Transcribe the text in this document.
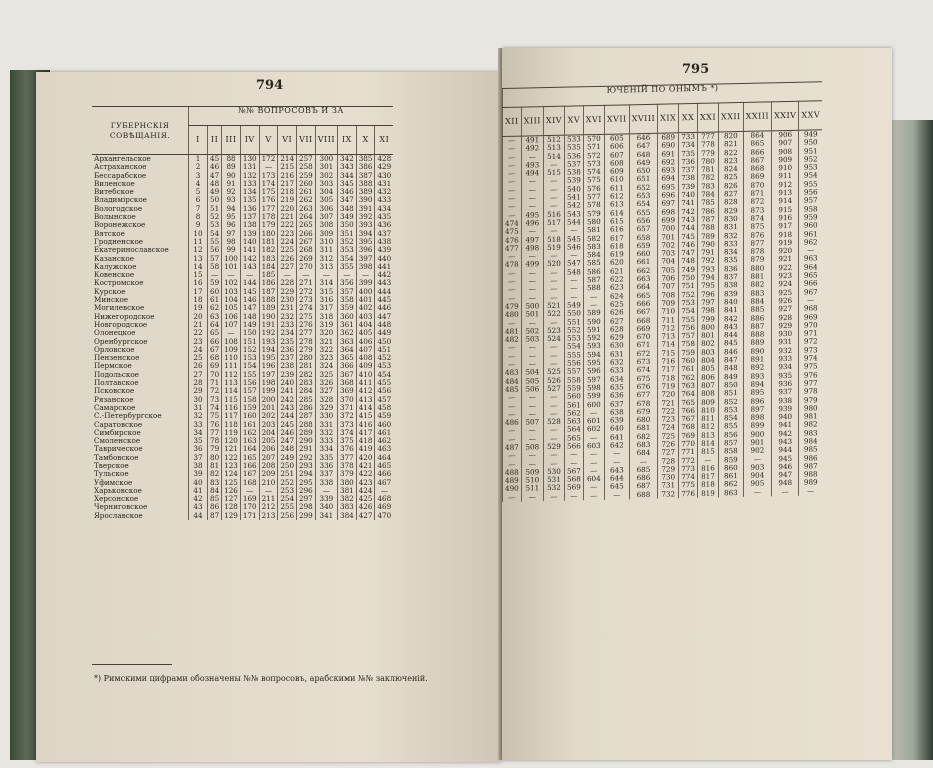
794
ГУБЕРНСКІЯ СОВѢЩАНІЯ.	№№ ВОПРОСОВЪ И ЗА										
	I	II	III	IV	V	VI	VII	VIII	IX	X	XI
Архангельское	1	45	88	130	172	214	257	300	342	385	428
Астраханское	2	46	89	131	—	215	258	301	343	386	429
Бессарабское	3	47	90	132	173	216	259	302	344	387	430
Виленское	4	48	91	133	174	217	260	303	345	388	431
Витебское	5	49	92	134	175	218	261	304	346	389	432
Владимірское	6	50	93	135	176	219	262	305	347	390	433
Вологодское	7	51	94	136	177	220	263	306	348	391	434
Волынское	8	52	95	137	178	221	264	307	349	392	435
Воронежское	9	53	96	138	179	222	265	308	350	393	436
Вятское	10	54	97	139	180	223	266	309	351	394	437
Гродненское	11	55	98	140	181	224	267	310	352	395	438
Екатеринославское	12	56	99	141	182	225	268	311	353	396	439
Казанское	13	57	100	142	183	226	269	312	354	397	440
Калужское	14	58	101	143	184	227	270	313	355	398	441
Ковенское	15	—	—	—	185	—	—	—	—	—	442
Костромское	16	59	102	144	186	228	271	314	356	399	443
Курское	17	60	103	145	187	229	272	315	357	400	444
Минское	18	61	104	146	188	230	273	316	358	401	445
Могилевское	19	62	105	147	189	231	274	317	359	402	446
Нижегородское	20	63	106	148	190	232	275	318	360	403	447
Новгородское	21	64	107	149	191	233	276	319	361	404	448
Олонецкое	22	65	—	150	192	234	277	320	362	405	449
Оренбургское	23	66	108	151	193	235	278	321	363	406	450
Орловское	24	67	109	152	194	236	279	322	364	407	451
Пензенское	25	68	110	153	195	237	280	323	365	408	452
Пермское	26	69	111	154	196	238	281	324	366	409	453
Подольское	27	70	112	155	197	239	282	325	367	410	454
Полтавское	28	71	113	156	198	240	283	326	368	411	455
Псковское	29	72	114	157	199	241	284	327	369	412	456
Рязанское	30	73	115	158	200	242	285	328	370	413	457
Самарское	31	74	116	159	201	243	286	329	371	414	458
С.-Петербургское	32	75	117	160	202	244	287	330	372	415	459
Саратовское	33	76	118	161	203	245	288	331	373	416	460
Симбирское	34	77	119	162	204	246	289	332	374	417	461
Смоленское	35	78	120	163	205	247	290	333	375	418	462
Таврическое	36	79	121	164	206	248	291	334	376	419	463
Тамбовское	37	80	122	165	207	249	292	335	377	420	464
Тверское	38	81	123	166	208	250	293	336	378	421	465
Тульское	39	82	124	167	209	251	294	337	379	422	466
Уфимское	40	83	125	168	210	252	295	338	380	423	467
Харьковское	41	84	126	—	—	253	296	—	381	424	—
Херсонское	42	85	127	169	211	254	297	339	382	425	468
Черниговское	43	86	128	170	212	255	298	340	383	426	469
Ярославское	44	87	129	171	213	256	299	341	384	427	470
*) Римскими цифрами обозначены №№ вопросовъ, арабскими №№ заключеній.
795
ЮЧЕНІЙ ПО ОНЫМЪ *)													
XII	XIII	XIV	XV	XVI	XVII	XVIII	XIX	XX	XXI	XXII	XXIII	XXIV	XXV
—	491	512	533	570	605	646	689	733	777	820	864	906	949
—	492	513	535	571	606	647	690	734	778	821	865	907	950
—	—	514	536	572	607	648	691	735	779	822	866	908	951
—	493	—	537	573	608	649	692	736	780	823	867	909	952
—	494	515	538	574	609	650	693	737	781	824	868	910	953
—	—	—	539	575	610	651	694	738	782	825	869	911	954
—	—	—	540	576	611	652	695	739	783	826	870	912	955
—	—	—	541	577	612	653	696	740	784	827	871	913	956
—	—	—	542	578	613	654	697	741	785	828	872	914	957
—	495	516	543	579	614	655	698	742	786	829	873	915	958
474	496	517	544	580	615	656	699	743	787	830	874	916	959
475	—	—	—	581	616	657	700	744	788	831	875	917	960
476	497	518	545	582	617	658	701	745	789	832	876	918	961
477	498	519	546	583	618	659	702	746	790	833	877	919	962
—	—	—	—	584	619	660	703	747	791	834	878	920	—
478	499	520	547	585	620	661	704	748	792	835	879	921	963
—	—	—	548	586	621	662	705	749	793	836	880	922	964
—	—	—	—	587	622	663	706	750	794	837	881	923	965
—	—	—	—	588	623	664	707	751	795	838	882	924	966
—	—	—	—	—	624	665	708	752	796	839	883	925	967
479	500	521	549	—	625	666	709	753	797	840	884	926	—
480	501	522	550	589	626	667	710	754	798	841	885	927	968
—	—	—	551	590	627	668	711	755	799	842	886	928	969
481	502	523	552	591	628	669	712	756	800	843	887	929	970
482	503	524	553	592	629	670	713	757	801	844	888	930	971
—	—	—	554	593	630	671	714	758	802	845	889	931	972
—	—	—	555	594	631	672	715	759	803	846	890	932	973
—	—	—	556	595	632	673	716	760	804	847	891	933	974
483	504	525	557	596	633	674	717	761	805	848	892	934	975
484	505	526	558	597	634	675	718	762	806	849	893	935	976
485	506	527	559	598	635	676	719	763	807	850	894	936	977
—	—	—	560	599	636	677	720	764	808	851	895	937	978
—	—	—	561	600	637	678	721	765	809	852	896	938	979
—	—	—	562	—	638	679	722	766	810	853	897	939	980
486	507	528	563	601	639	680	723	767	811	854	898	940	981
—	—	—	564	602	640	681	724	768	812	855	899	941	982
—	—	—	565	—	641	682	725	769	813	856	900	942	983
487	508	529	566	603	642	683	726	770	814	857	901	943	984
—	—	—	—	—	—	684	727	771	815	858	902	944	985
—	—	—	—	—	—	—	728	772	—	859	—	945	986
488	509	530	567	—	643	685	729	773	816	860	903	946	987
489	510	531	568	604	644	686	730	774	817	861	904	947	988
490	511	532	569	—	645	687	731	775	818	862	905	948	989
—	—	—	—	—	—	688	732	776	819	863	—	—	—
